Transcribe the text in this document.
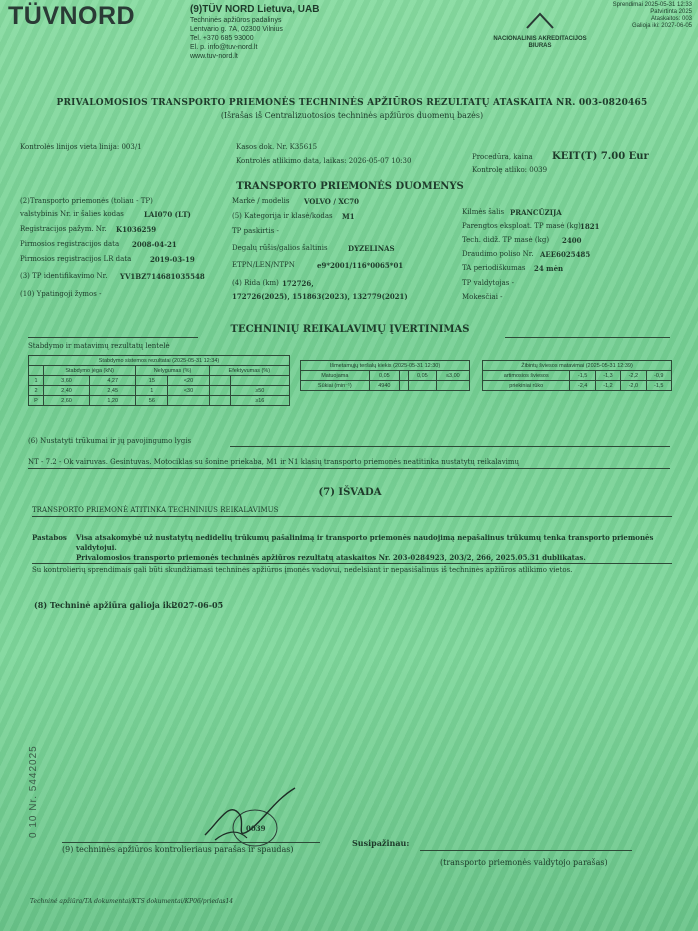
TÜVNORD	(9)TÜV NORD Lietuva, UAB
Techninės apžiūros padalinys
Lentvario g. 7A, 02300 Vilnius
Tel. +370 685 93000
El. p. info@tuv-nord.lt
www.tuv-nord.lt
NACIONALINIS AKREDITACIJOS BIURAS
Sprendimai 2025-05-31 12:33
Patvirtinta 2025
Ataskaitos: 003
Galioja iki: 2027-06-05
PRIVALOMOSIOS TRANSPORTO PRIEMONĖS TECHNINĖS APŽIŪROS REZULTATŲ ATASKAITA NR. 003-0820465
(Išrašas iš Centralizuotosios techninės apžiūros duomenų bazės)
Kontrolės linijos vieta linija: 003/1	Kasos dok. Nr. K35615
Kontrolės atlikimo data, laikas: 2026-05-07 10:30	Procedūra, kaina KEIT(T) 7.00 Eur
Kontrolę atliko: 0039
TRANSPORTO PRIEMONĖS DUOMENYS
(2)Transporto priemonės (toliau - TP)
valstybinis Nr. ir šalies kodas	LAI070 (LT)
Registracijos pažym. Nr. K1036259
Pirmosios registracijos data 2008-04-21
Pirmosios registracijos LR data	2019-03-19
(3) TP identifikavimo Nr. YV1BZ714681035548
(10) Ypatingoji žymos -
Markė / modelis VOLVO / XC70
(5) Kategorija ir klasė/kodas M1
TP paskirtis -
Degalų rūšis/galios šaltinis	DYZELINAS
ETPN/LEN/NTPN	e9*2001/116*0065*01
(4) Rida (km) 172726,
172726(2025), 151863(2023), 132779(2021)
Kilmės šalis PRANCŪZIJA
Parengtos eksploat. TP masė (kg) 1821
Tech. didž. TP masė (kg) 2400
Draudimo poliso Nr. AEE6025485
TA periodiškumas 24 mėn
TP valdytojas -
Mokesčiai -
TECHNINIŲ REIKALAVIMŲ ĮVERTINIMAS
Stabdymo ir matavimų rezultatų lentelė
Stabdymo sistemos rezultatai (2025-05-31 12:34)						
	Stabdymo jėga (kN)		Nelygumas (%)		Efektyvumas (%)	
1	3,60	4,27	15	<20		
2	2,40	2,45	1	<30		≥50
P	2,60	1,20	56			≥16
Išmetamųjų teršalų kiekis (2025-05-31 12:30)				
Matuojama	0,05		0,05	≤3,00
Sūkiai (min⁻¹)	4940			
Žibintų šviesos matavimai (2025-05-31 12:39)				
artimosios šviesos	-1,5	-1,3	-2,2	-0,9
priekiniai rūko	-2,4	-1,2	-2,0	-1,5
(6) Nustatyti trūkumai ir jų pavojingumo lygis
NT - 7.2 - Ok vairuvas. Gesintuvas. Motociklas su šonine priekaba, M1 ir N1 klasių transporto priemonės neatitinka nustatytų reikalavimų
(7) IŠVADA
TRANSPORTO PRIEMONĖ ATITINKA TECHNINIUS REIKALAVIMUS
Pastabos Visa atsakomybė už nustatytų nedidelių trūkumų pašalinimą ir transporto priemonės naudojimą nepašalinus trūkumų tenka transporto priemonės
valdytojui.
Privalomosios transporto priemonės techninės apžiūros rezultatų ataskaitos Nr. 203-0284923, 203/2, 266, 2025.05.31 dublikatas.
Su kontrolierių sprendimais gali būti skundžiamasi techninės apžiūros įmonės vadovui, nedelsiant ir nepasišalinus iš techninės apžiūros atlikimo vietos.
(8) Techninė apžiūra galioja iki
2027-06-05
0 10 Nr. 5442025	0039
(9) techninės apžiūros kontrolieriaus parašas ir spaudas)
Susipažinau:
(transporto priemonės valdytojo parašas)
Techninė apžiūra/TA dokumentai/KTS dokumentai/KP06/priedas14
